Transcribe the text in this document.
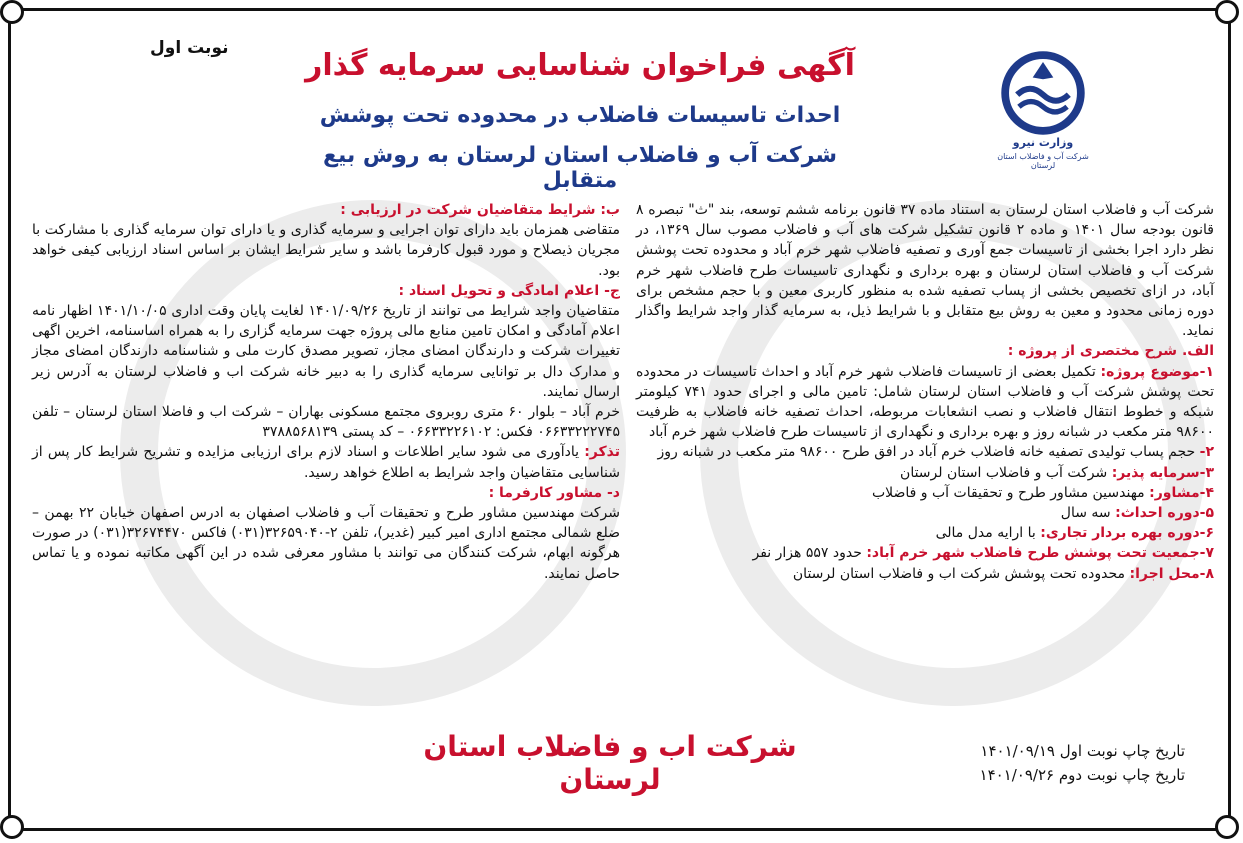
نوبت اول	آگهی فراخوان شناسایی سرمایه گذار
احداث تاسیسات فاضلاب در محدوده تحت پوشش
شرکت آب و فاضلاب استان لرستان به روش بیع متقابل
وزارت نیرو
شرکت آب و فاضلاب استان لرستان

شرکت آب و فاضلاب استان لرستان به استناد ماده ۳۷ قانون برنامه ششم توسعه، بند "ث" تبصره ۸ قانون بودجه سال ۱۴۰۱ و ماده ۲ قانون تشکیل شرکت های آب و فاضلاب مصوب سال ۱۳۶۹، در نظر دارد اجرا بخشی از تاسیسات جمع آوری و تصفیه فاضلاب شهر خرم آباد و محدوده تحت پوشش شرکت آب و فاضلاب استان لرستان و بهره برداری و نگهداری تاسیسات طرح فاضلاب شهر خرم آباد، در ازای تخصیص بخشی از پساب تصفیه شده به منظور کاربری معین و با حجم مشخص برای دوره زمانی محدود و معین به روش بیع متقابل و با شرایط ذیل، به سرمایه گذار واجد شرایط واگذار نماید.

الف. شرح مختصری از پروژه :

۱-موضوع پروژه: تکمیل بعضی از تاسیسات فاضلاب شهر خرم آباد و احداث تاسیسات در محدوده تحت پوشش شرکت آب و فاضلاب استان لرستان شامل: تامین مالی و اجرای حدود ۷۴۱ کیلومتر شبکه و خطوط انتقال فاضلاب و نصب انشعابات مربوطه، احداث تصفیه خانه فاضلاب به ظرفیت ۹۸۶۰۰ متر مکعب در شبانه روز و بهره برداری و نگهداری از تاسیسات طرح فاضلاب شهر خرم آباد

۲- حجم پساب تولیدی تصفیه خانه فاضلاب خرم آباد در افق طرح ۹۸۶۰۰ متر مکعب در شبانه روز

۳-سرمایه پذیر: شرکت آب و فاضلاب استان لرستان

۴-مشاور: مهندسین مشاور طرح و تحقیقات آب و فاضلاب

۵-دوره احداث: سه سال

۶-دوره بهره بردار تجاری: با ارایه مدل مالی

۷-جمعیت تحت پوشش طرح فاضلاب شهر خرم آباد: حدود ۵۵۷ هزار نفر

۸-محل اجرا: محدوده تحت پوشش شرکت اب و فاضلاب استان لرستان

ب: شرایط متقاضیان شرکت در ارزیابی :

متقاضی همزمان باید دارای توان اجرایی و سرمایه گذاری و یا دارای توان سرمایه گذاری با مشارکت با مجریان ذیصلاح و مورد قبول کارفرما باشد و سایر شرایط ایشان بر اساس اسناد ارزیابی کیفی خواهد بود.

ج- اعلام امادگی و تحویل اسناد :

متقاضیان واجد شرایط می توانند از تاریخ ۱۴۰۱/۰۹/۲۶ لغایت پایان وقت اداری ۱۴۰۱/۱۰/۰۵ اظهار نامه اعلام آمادگی و امکان تامین منابع مالی پروژه جهت سرمایه گزاری را به همراه اساسنامه، اخرین اگهی تغییرات شرکت و دارندگان امضای مجاز، تصویر مصدق کارت ملی و شناسنامه دارندگان امضای مجاز و مدارک دال بر توانایی سرمایه گذاری را به دبیر خانه شرکت اب و فاضلاب لرستان به آدرس زیر ارسال نمایند.

خرم آباد – بلوار ۶۰ متری روبروی مجتمع مسکونی بهاران – شرکت اب و فاضلا استان لرستان – تلفن ۰۶۶۳۳۲۲۲۷۴۵ فکس: ۰۶۶۳۳۲۲۶۱۰۲ – کد پستی ۳۷۸۸۵۶۸۱۳۹

تذکر: یادآوری می شود سایر اطلاعات و اسناد لازم برای ارزیابی مزایده و تشریح شرایط کار پس از شناسایی متقاضیان واجد شرایط به اطلاع خواهد رسید.

د- مشاور کارفرما :

شرکت مهندسین مشاور طرح و تحقیقات آب و فاضلاب اصفهان به ادرس اصفهان خیابان ۲۲ بهمن –ضلع شمالی مجتمع اداری امیر کبیر (غدیر)، تلفن ۲-۳۲۶۵۹۰۴۰(۰۳۱) فاکس ۳۲۶۷۴۴۷۰(۰۳۱) در صورت هرگونه ابهام، شرکت کنندگان می توانند با مشاور معرفی شده در این آگهی مکاتبه نموده و یا تماس حاصل نمایند.

شرکت اب و فاضلاب استان لرستان
تاریخ چاپ نوبت اول ۱۴۰۱/۰۹/۱۹
تاریخ چاپ نوبت دوم ۱۴۰۱/۰۹/۲۶
